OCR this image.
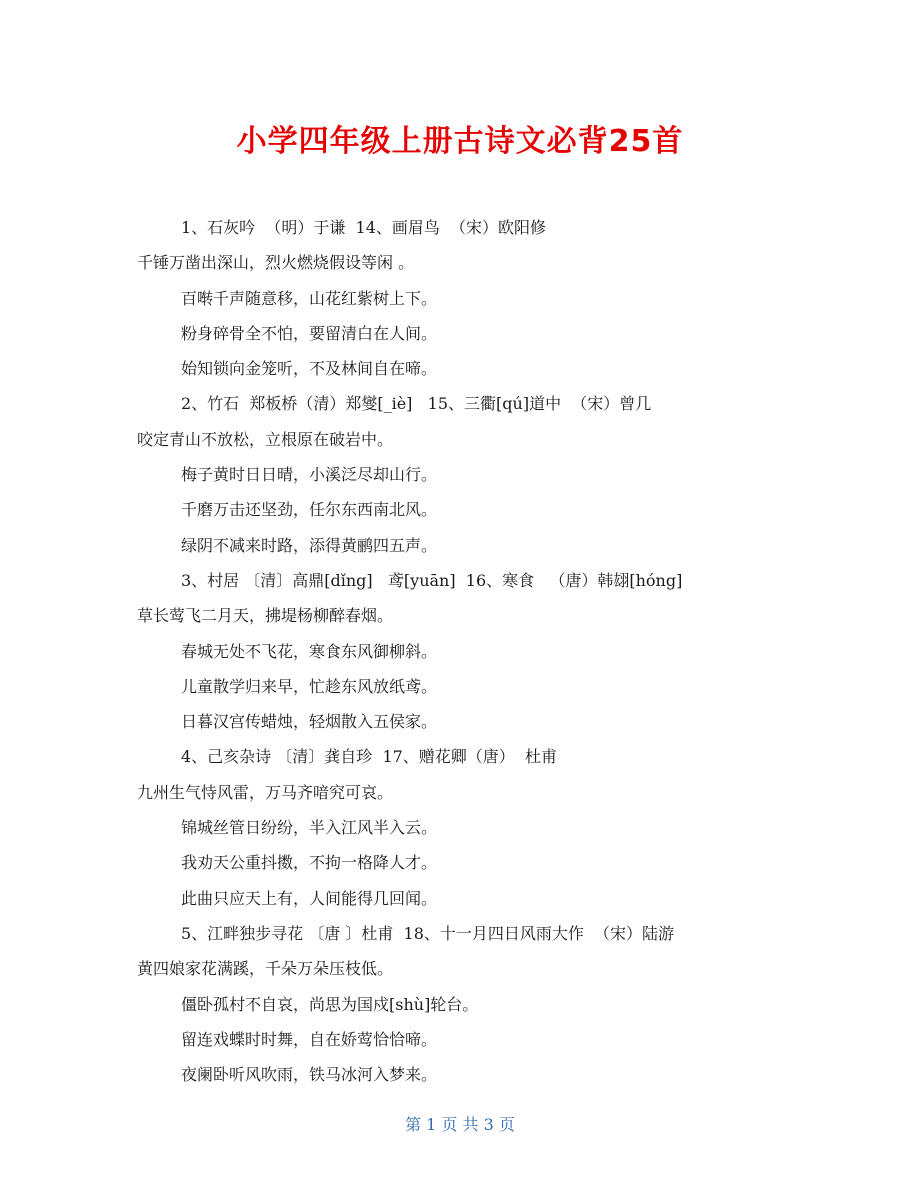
小学四年级上册古诗文必背25首
1、石灰吟  （明）于谦  14、画眉鸟  （宋）欧阳修
千锤万凿出深山，烈火燃烧假设等闲 。
百啭千声随意移，山花红紫树上下。
粉身碎骨全不怕，要留清白在人间。
始知锁向金笼听，不及林间自在啼。
2、竹石  郑板桥（清）郑燮[_iè]   15、三衢[qú]道中  （宋）曾几
咬定青山不放松，立根原在破岩中。
梅子黄时日日晴，小溪泛尽却山行。
千磨万击还坚劲，任尔东西南北风。
绿阴不减来时路，添得黄鹂四五声。
3、村居 〔清〕高鼎[dǐng]   鸢[yuān]  16、寒食   （唐）韩翃[hóng]
草长莺飞二月天，拂堤杨柳醉春烟。
春城无处不飞花，寒食东风御柳斜。
儿童散学归来早，忙趁东风放纸鸢。
日暮汉宫传蜡烛，轻烟散入五侯家。
4、己亥杂诗 〔清〕龚自珍  17、赠花卿（唐）  杜甫
九州生气恃风雷，万马齐喑究可哀。
锦城丝管日纷纷，半入江风半入云。
我劝天公重抖擞，不拘一格降人才。
此曲只应天上有，人间能得几回闻。
5、江畔独步寻花 〔唐 〕杜甫  18、十一月四日风雨大作  （宋）陆游
黄四娘家花满蹊，千朵万朵压枝低。
僵卧孤村不自哀，尚思为国戍[shù]轮台。
留连戏蝶时时舞，自在娇莺恰恰啼。
夜阑卧听风吹雨，铁马冰河入梦来。
第 1 页 共 3 页
